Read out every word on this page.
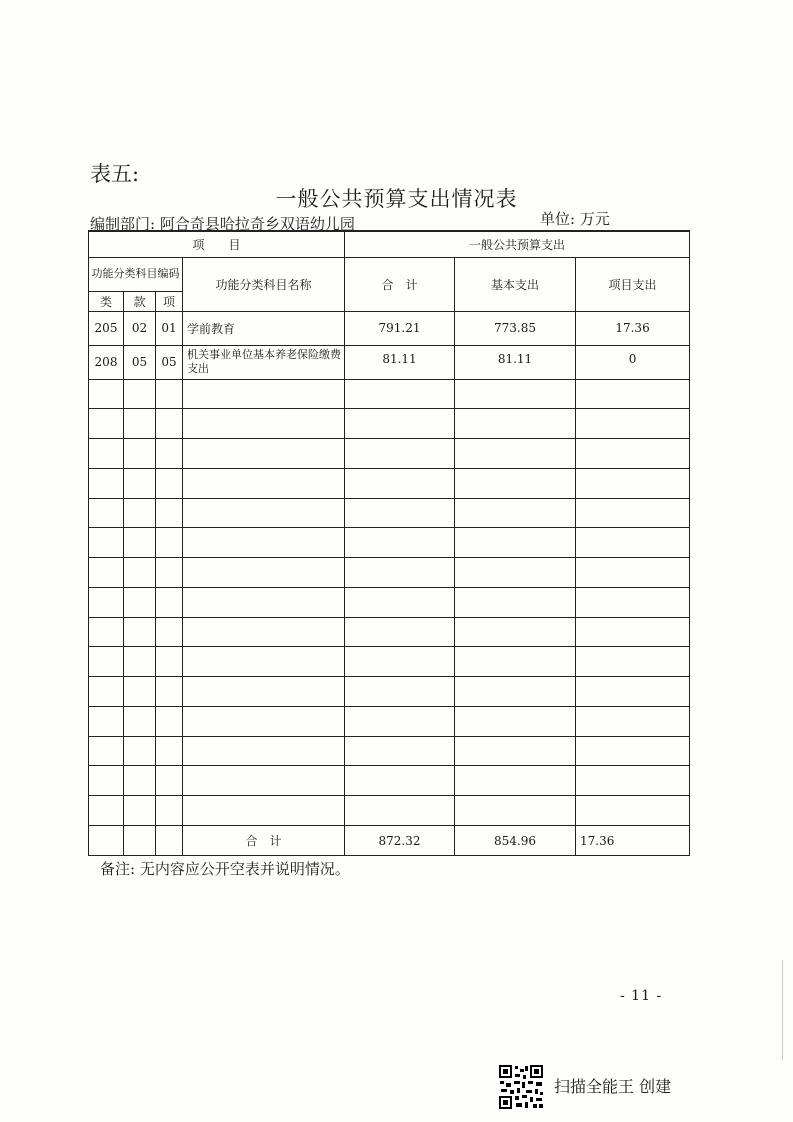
表五:
一般公共预算支出情况表
编制部门: 阿合奇县哈拉奇乡双语幼儿园	单位: 万元
项　　目				一般公共预算支出		
功能分类科目编码			功能分类科目名称	合　计	基本支出	项目支出
类	款	项				
205	02	01	学前教育	791.21	773.85	17.36
208	05	05	机关事业单位基本养老保险缴费支出	81.11	81.11	0

			合　计	872.32	854.96	17.36
备注: 无内容应公开空表并说明情况。
- 11 -
扫描全能王 创建
